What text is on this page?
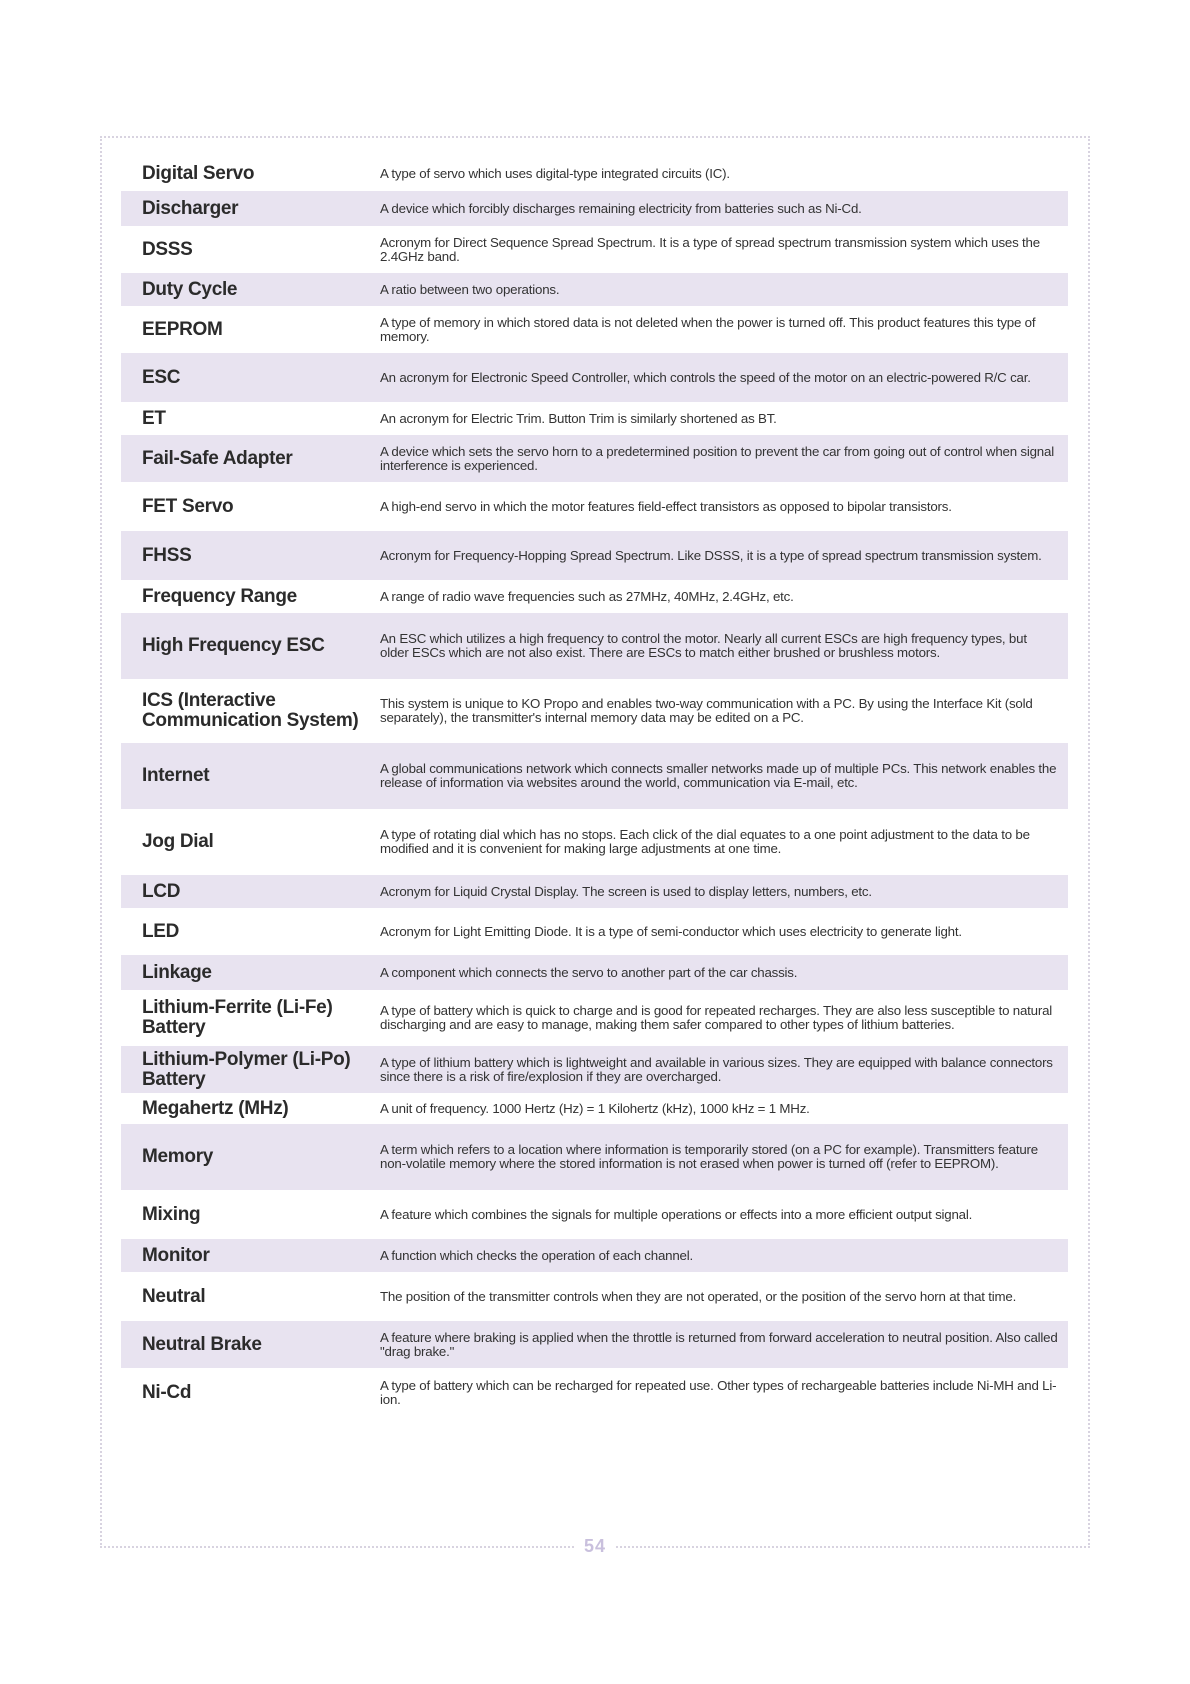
Digital Servo	A type of servo which uses digital-type integrated circuits (IC).
Discharger	A device which forcibly discharges remaining electricity from batteries such as Ni-Cd.
DSSS	Acronym for Direct Sequence Spread Spectrum. It is a type of spread spectrum transmission system which uses the 2.4GHz band.
Duty Cycle	A ratio between two operations.
EEPROM	A type of memory in which stored data is not deleted when the power is turned off. This product features this type of memory.
ESC	An acronym for Electronic Speed Controller, which controls the speed of the motor on an electric-powered R/C car.
ET	An acronym for Electric Trim. Button Trim is similarly shortened as BT.
Fail-Safe Adapter	A device which sets the servo horn to a predetermined position to prevent the car from going out of control when signal interference is experienced.
FET Servo	A high-end servo in which the motor features field-effect transistors as opposed to bipolar transistors.
FHSS	Acronym for Frequency-Hopping Spread Spectrum. Like DSSS, it is a type of spread spectrum transmission system.
Frequency Range	A range of radio wave frequencies such as 27MHz, 40MHz, 2.4GHz, etc.
High Frequency ESC	An ESC which utilizes a high frequency to control the motor. Nearly all current ESCs are high frequency types, but older ESCs which are not also exist. There are ESCs to match either brushed or brushless motors.
ICS (Interactive Communication System)	This system is unique to KO Propo and enables two-way communication with a PC. By using the Interface Kit (sold separately), the transmitter's internal memory data may be edited on a PC.
Internet	A global communications network which connects smaller networks made up of multiple PCs. This network enables the release of information via websites around the world, communication via E-mail, etc.
Jog Dial	A type of rotating dial which has no stops. Each click of the dial equates to a one point adjustment to the data to be modified and it is convenient for making large adjustments at one time.
LCD	Acronym for Liquid Crystal Display. The screen is used to display letters, numbers, etc.
LED	Acronym for Light Emitting Diode. It is a type of semi-conductor which uses electricity to generate light.
Linkage	A component which connects the servo to another part of the car chassis.
Lithium-Ferrite (Li-Fe) Battery	A type of battery which is quick to charge and is good for repeated recharges. They are also less susceptible to natural discharging and are easy to manage, making them safer compared to other types of lithium batteries.
Lithium-Polymer (Li-Po) Battery	A type of lithium battery which is lightweight and available in various sizes. They are equipped with balance connectors since there is a risk of fire/explosion if they are overcharged.
Megahertz (MHz)	A unit of frequency. 1000 Hertz (Hz) = 1 Kilohertz (kHz), 1000 kHz = 1 MHz.
Memory	A term which refers to a location where information is temporarily stored (on a PC for example). Transmitters feature non-volatile memory where the stored information is not erased when power is turned off (refer to EEPROM).
Mixing	A feature which combines the signals for multiple operations or effects into a more efficient output signal.
Monitor	A function which checks the operation of each channel.
Neutral	The position of the transmitter controls when they are not operated, or the position of the servo horn at that time.
Neutral Brake	A feature where braking is applied when the throttle is returned from forward acceleration to neutral position. Also called "drag brake."
Ni-Cd	A type of battery which can be recharged for repeated use. Other types of rechargeable batteries include Ni-MH and Li-ion.
54
